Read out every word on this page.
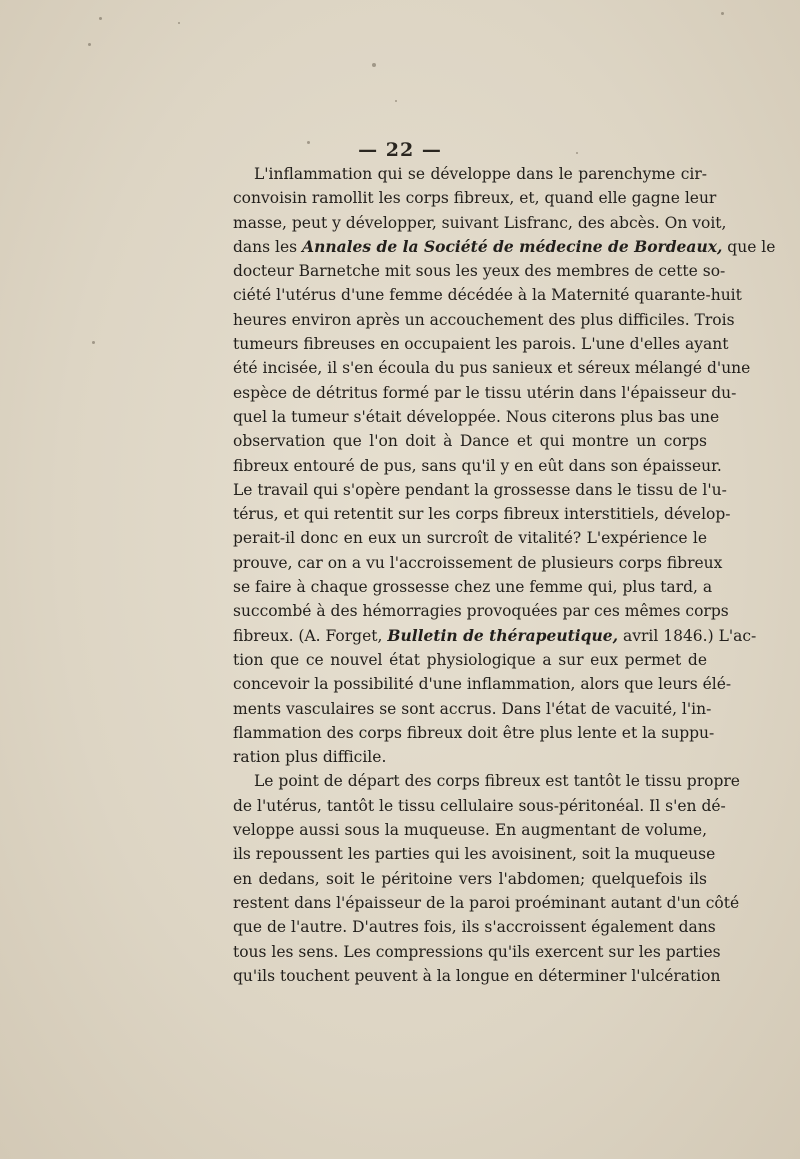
— 22 —
L'inflammation qui se développe dans le parenchyme cir-
convoisin ramollit les corps fibreux, et, quand elle gagne leur
masse, peut y développer, suivant Lisfranc, des abcès. On voit,
dans les Annales de la Société de médecine de Bordeaux, que le
docteur Barnetche mit sous les yeux des membres de cette so-
ciété l'utérus d'une femme décédée à la Maternité quarante-huit
heures environ après un accouchement des plus difficiles. Trois
tumeurs fibreuses en occupaient les parois. L'une d'elles ayant
été incisée, il s'en écoula du pus sanieux et séreux mélangé d'une
espèce de détritus formé par le tissu utérin dans l'épaisseur du-
quel la tumeur s'était développée. Nous citerons plus bas une
observation que l'on doit à Dance et qui montre un corps
fibreux entouré de pus, sans qu'il y en eût dans son épaisseur.
Le travail qui s'opère pendant la grossesse dans le tissu de l'u-
térus, et qui retentit sur les corps fibreux interstitiels, dévelop-
perait-il donc en eux un surcroît de vitalité? L'expérience le
prouve, car on a vu l'accroissement de plusieurs corps fibreux
se faire à chaque grossesse chez une femme qui, plus tard, a
succombé à des hémorragies provoquées par ces mêmes corps
fibreux. (A. Forget, Bulletin de thérapeutique, avril 1846.) L'ac-
tion que ce nouvel état physiologique a sur eux permet de
concevoir la possibilité d'une inflammation, alors que leurs élé-
ments vasculaires se sont accrus. Dans l'état de vacuité, l'in-
flammation des corps fibreux doit être plus lente et la suppu-
ration plus difficile.
Le point de départ des corps fibreux est tantôt le tissu propre
de l'utérus, tantôt le tissu cellulaire sous-péritonéal. Il s'en dé-
veloppe aussi sous la muqueuse. En augmentant de volume,
ils repoussent les parties qui les avoisinent, soit la muqueuse
en dedans, soit le péritoine vers l'abdomen; quelquefois ils
restent dans l'épaisseur de la paroi proéminant autant d'un côté
que de l'autre. D'autres fois, ils s'accroissent également dans
tous les sens. Les compressions qu'ils exercent sur les parties
qu'ils touchent peuvent à la longue en déterminer l'ulcération
